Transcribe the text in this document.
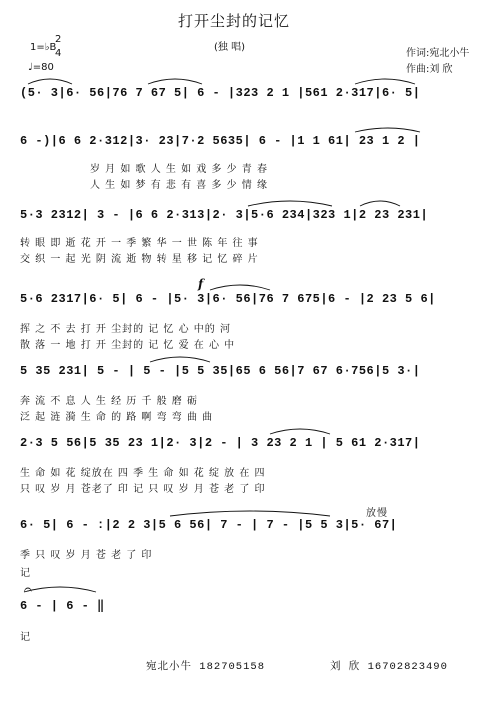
打开尘封的记忆
(独 唱)
1=♭B
2
4
♩=80
作词:宛北小牛
作曲:刘 欣
(5· 3|6· 56|76 7 67 5| 6 - |323 2 1 |561 2·317|6· 5|
6 -)|6 6 2·312|3· 23|7·2 5635| 6 - |1 1 61| 23 1 2 |
岁 月 如 歌 人 生 如 戏 多 少 青 春
人 生 如 梦 有 悲 有 喜 多 少 情 缘
5·3 2312| 3 - |6 6 2·313|2· 3|5·6 234|323 1|2 23 231|
转 眼 即 逝 花 开 一 季 繁 华 一 世 陈 年 往 事
交 织 一 起 光 阴 流 逝 物 转 星 移 记 忆 碎 片
5·6 2317|6· 5| 6 - |5· 3|6· 56|76 7 675|6 - |2 23 5 6|
挥 之 不 去 打 开 尘封的 记 忆 心 中的 河
散 落 一 地 打 开 尘封的 记 忆 爱 在 心 中
5 35 231| 5 - | 5 - |5 5 35|65 6 56|7 67 6·756|5 3·|
奔 流 不 息 人 生 经 历 千 般 磨 砺
泛 起 涟 漪 生 命 的 路 啊 弯 弯 曲 曲
2·3 5 56|5 35 23 1|2· 3|2 - | 3 23 2 1 | 5 61 2·317|
生 命 如 花 绽放在 四 季 生 命 如 花 绽 放 在 四
只 叹 岁 月 苍老了 印 记 只 叹 岁 月 苍 老 了 印
6· 5| 6 - :|2 2 3|5 6 56| 7 - | 7 - |5 5 3|5· 67|
季 只 叹 岁 月 苍 老 了 印
记
6 - | 6 - ‖
记
𝄐
f
放慢
宛北小牛 182705158	刘 欣 16702823490
